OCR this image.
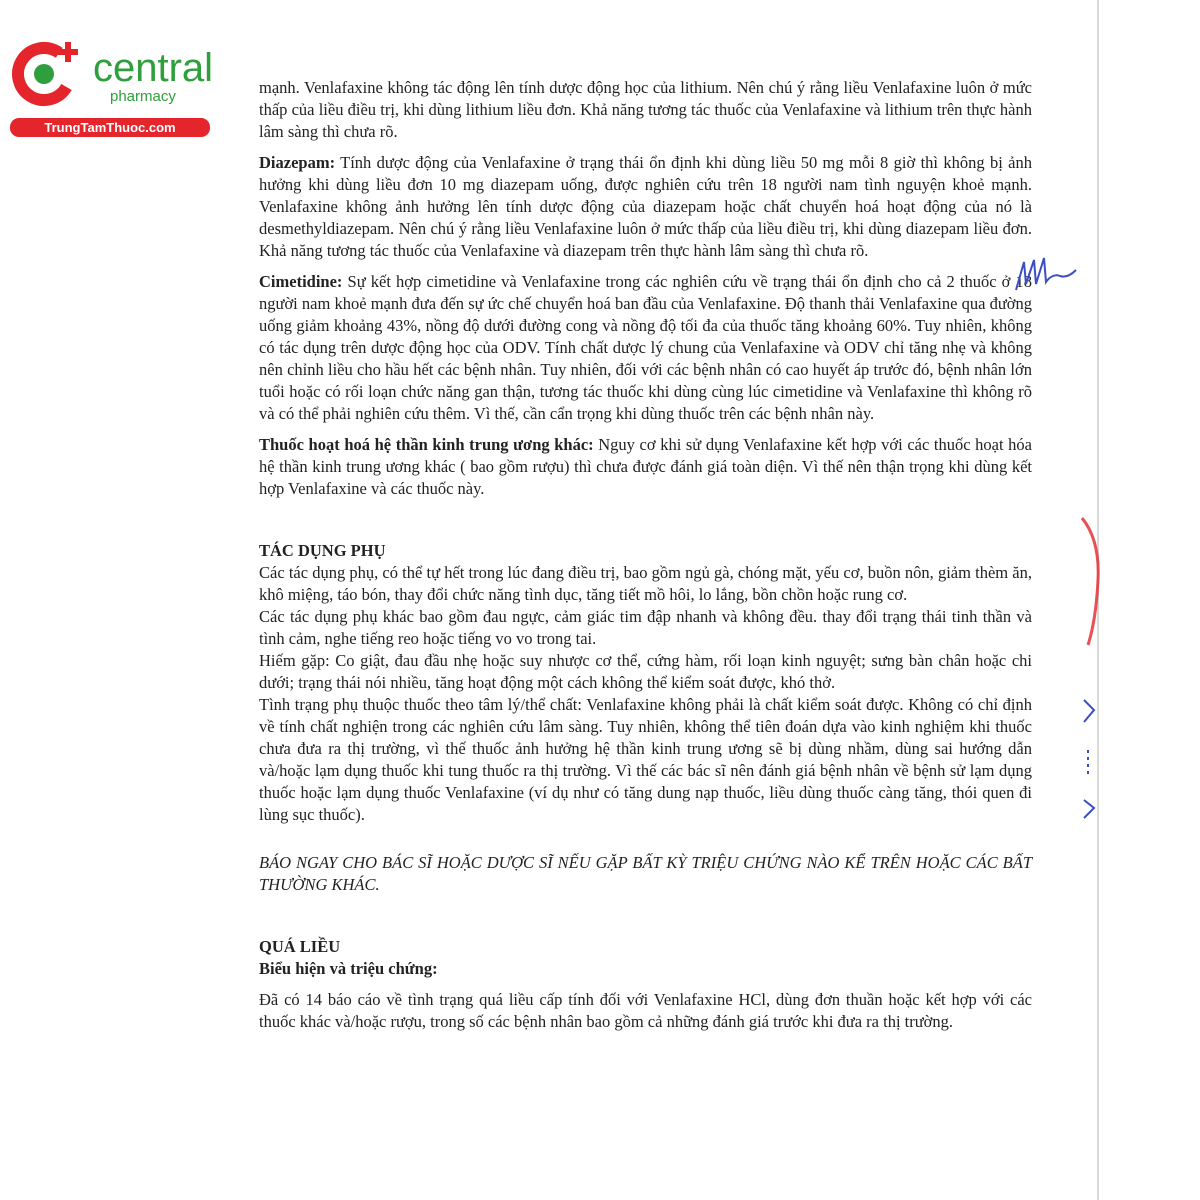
central
pharmacy
TrungTamThuoc.com

mạnh. Venlafaxine không tác động lên tính dược động học của lithium. Nên chú ý rằng liều Venlafaxine luôn ở mức thấp của liều điều trị, khi dùng lithium liều đơn. Khả năng tương tác thuốc của Venlafaxine và lithium trên thực hành lâm sàng thì chưa rõ.

Diazepam: Tính dược động của Venlafaxine ở trạng thái ổn định khi dùng liều 50 mg mỗi 8 giờ thì không bị ảnh hưởng khi dùng liều đơn 10 mg diazepam uống, được nghiên cứu trên 18 người nam tình nguyện khoẻ mạnh. Venlafaxine không ảnh hưởng lên tính dược động của diazepam hoặc chất chuyển hoá hoạt động của nó là desmethyldiazepam. Nên chú ý rằng liều Venlafaxine luôn ở mức thấp của liều điều trị, khi dùng diazepam liều đơn. Khả năng tương tác thuốc của Venlafaxine và diazepam trên thực hành lâm sàng thì chưa rõ.

Cimetidine: Sự kết hợp cimetidine và Venlafaxine trong các nghiên cứu về trạng thái ổn định cho cả 2 thuốc ở 18 người nam khoẻ mạnh đưa đến sự ức chế chuyển hoá ban đầu của Venlafaxine. Độ thanh thải Venlafaxine qua đường uống giảm khoảng 43%, nồng độ dưới đường cong và nồng độ tối đa của thuốc tăng khoảng 60%. Tuy nhiên, không có tác dụng trên dược động học của ODV. Tính chất dược lý chung của Venlafaxine và ODV chỉ tăng nhẹ và không nên chỉnh liều cho hầu hết các bệnh nhân. Tuy nhiên, đối với các bệnh nhân có cao huyết áp trước đó, bệnh nhân lớn tuổi hoặc có rối loạn chức năng gan thận, tương tác thuốc khi dùng cùng lúc cimetidine và Venlafaxine thì không rõ và có thể phải nghiên cứu thêm. Vì thế, cần cẩn trọng khi dùng thuốc trên các bệnh nhân này.

Thuốc hoạt hoá hệ thần kinh trung ương khác: Nguy cơ khi sử dụng Venlafaxine kết hợp với các thuốc hoạt hóa hệ thần kinh trung ương khác ( bao gồm rượu) thì chưa được đánh giá toàn diện. Vì thế nên thận trọng khi dùng kết hợp Venlafaxine và các thuốc này.

TÁC DỤNG PHỤ

Các tác dụng phụ, có thể tự hết trong lúc đang điều trị, bao gồm ngủ gà, chóng mặt, yếu cơ, buồn nôn, giảm thèm ăn, khô miệng, táo bón, thay đổi chức năng tình dục, tăng tiết mồ hôi, lo lắng, bồn chồn hoặc rung cơ.

Các tác dụng phụ khác bao gồm đau ngực, cảm giác tim đập nhanh và không đều. thay đổi trạng thái tinh thần và tình cảm, nghe tiếng reo hoặc tiếng vo vo trong tai.

Hiếm gặp: Co giật, đau đầu nhẹ hoặc suy nhược cơ thể, cứng hàm, rối loạn kinh nguyệt; sưng bàn chân hoặc chi dưới; trạng thái nói nhiều, tăng hoạt động một cách không thể kiểm soát được, khó thở.

Tình trạng phụ thuộc thuốc theo tâm lý/thể chất: Venlafaxine không phải là chất kiểm soát được. Không có chỉ định về tính chất nghiện trong các nghiên cứu lâm sàng. Tuy nhiên, không thể tiên đoán dựa vào kinh nghiệm khi thuốc chưa đưa ra thị trường, vì thế thuốc ảnh hưởng hệ thần kinh trung ương sẽ bị dùng nhầm, dùng sai hướng dẫn và/hoặc lạm dụng thuốc khi tung thuốc ra thị trường. Vì thế các bác sĩ nên đánh giá bệnh nhân về bệnh sử lạm dụng thuốc hoặc lạm dụng thuốc Venlafaxine (ví dụ như có tăng dung nạp thuốc, liều dùng thuốc càng tăng, thói quen đi lùng sục thuốc).

BÁO NGAY CHO BÁC SĨ HOẶC DƯỢC SĨ NẾU GẶP BẤT KỲ TRIỆU CHỨNG NÀO KỂ TRÊN HOẶC CÁC BẤT THƯỜNG KHÁC.

QUÁ LIỀU

Biểu hiện và triệu chứng:

Đã có 14 báo cáo về tình trạng quá liều cấp tính đối với Venlafaxine HCl, dùng đơn thuần hoặc kết hợp với các thuốc khác và/hoặc rượu, trong số các bệnh nhân bao gồm cả những đánh giá trước khi đưa ra thị trường.
